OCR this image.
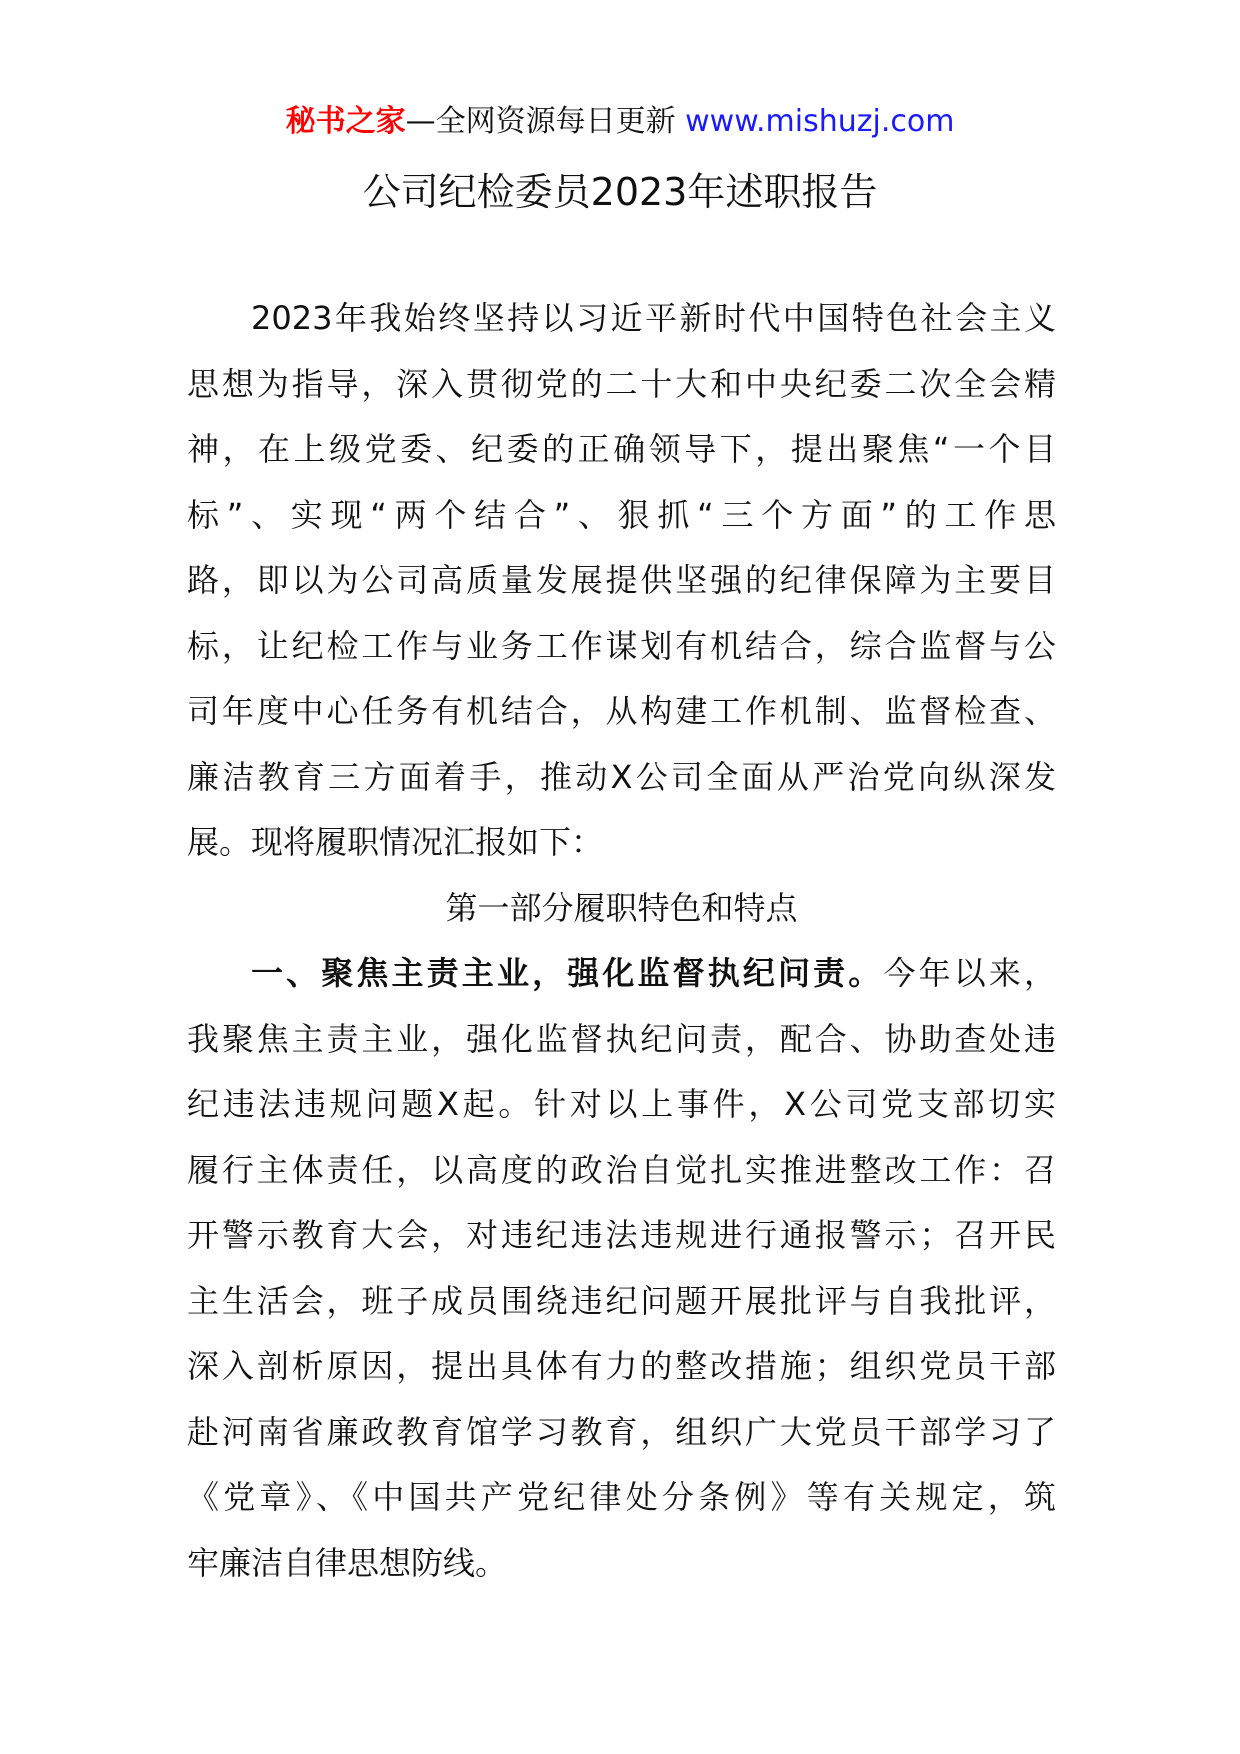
秘书之家—全网资源每日更新 www.mishuzj.com
公司纪检委员2023年述职报告
2023年我始终坚持以习近平新时代中国特色社会主义
思想为指导，深入贯彻党的二十大和中央纪委二次全会精
神，在上级党委、纪委的正确领导下，提出聚焦“一个目
标”、实现“两个结合”、狠抓“三个方面”的工作思
路，即以为公司高质量发展提供坚强的纪律保障为主要目
标，让纪检工作与业务工作谋划有机结合，综合监督与公
司年度中心任务有机结合，从构建工作机制、监督检查、
廉洁教育三方面着手，推动X公司全面从严治党向纵深发
展。现将履职情况汇报如下：
第一部分履职特色和特点
一、聚焦主责主业，强化监督执纪问责。今年以来，
我聚焦主责主业，强化监督执纪问责，配合、协助查处违
纪违法违规问题X起。针对以上事件，X公司党支部切实
履行主体责任，以高度的政治自觉扎实推进整改工作：召
开警示教育大会，对违纪违法违规进行通报警示；召开民
主生活会，班子成员围绕违纪问题开展批评与自我批评，
深入剖析原因，提出具体有力的整改措施；组织党员干部
赴河南省廉政教育馆学习教育，组织广大党员干部学习了
《党章》、《中国共产党纪律处分条例》等有关规定，筑
牢廉洁自律思想防线。
